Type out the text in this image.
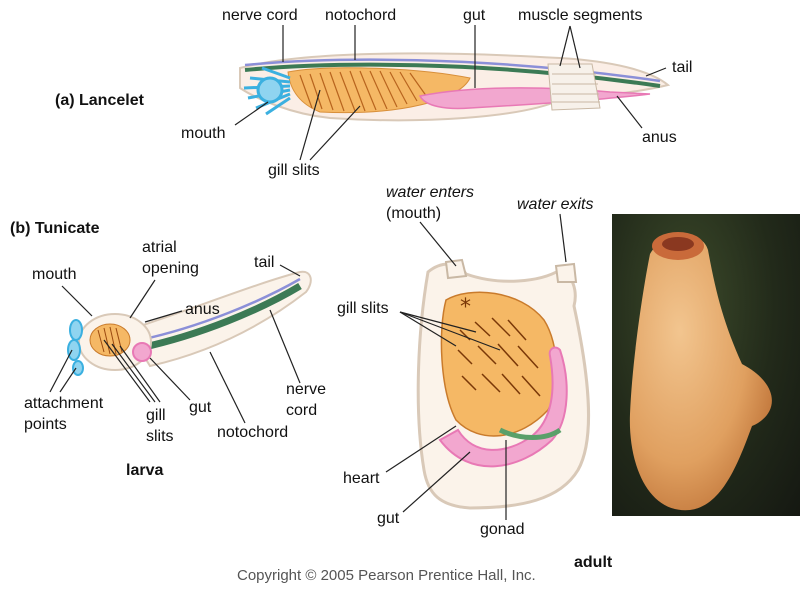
*
(a) Lancelet
nerve cord notochord	gut muscle segments
tail
mouth
gill slits
anus
(b) Tunicate
mouth
atrial
opening	tail
anus
attachment
points
gill
slits
gut
notochord
nerve
cord
larva
water enters
(mouth)
water exits
gill slits
heart
gut
gonad
adult
Copyright © 2005 Pearson Prentice Hall, Inc.
